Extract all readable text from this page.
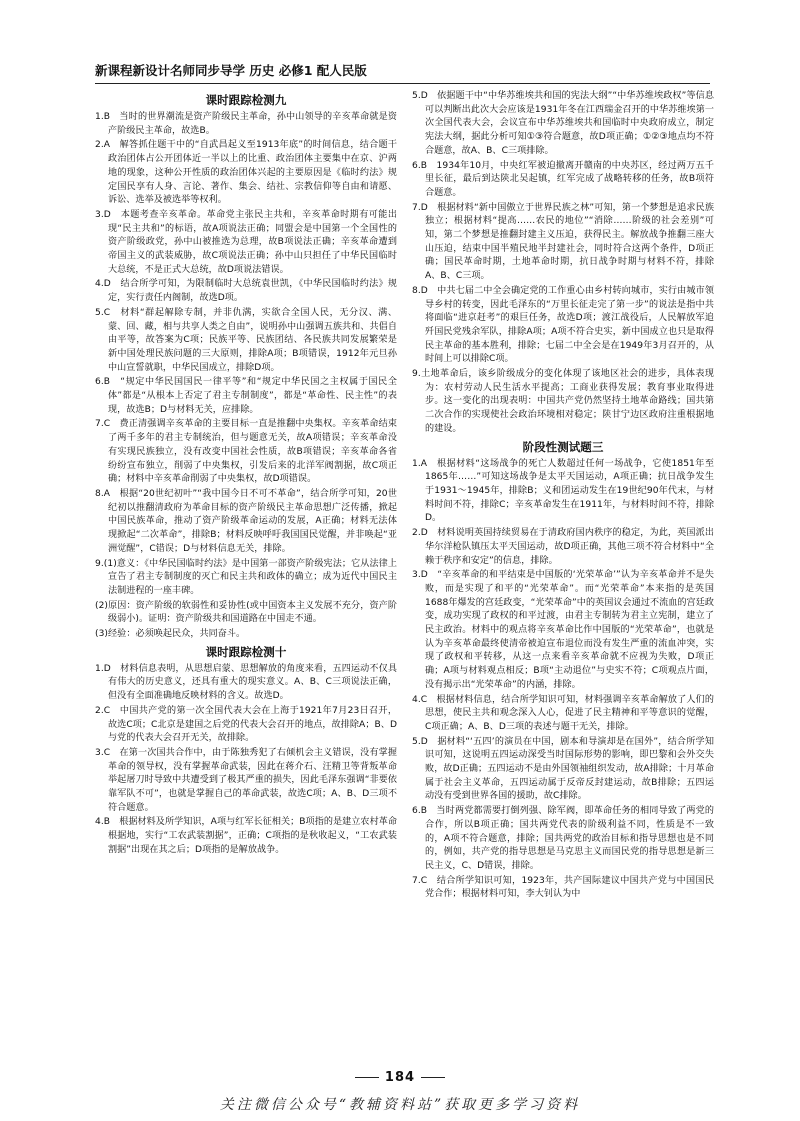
新课程新设计名师同步导学 历史 必修1 配人民版
课时跟踪检测九

1.B　当时的世界潮流是资产阶级民主革命，孙中山领导的辛亥革命就是资产阶级民主革命，故选B。

2.A　解答抓住题干中的“自武昌起义至1913年底”的时间信息，结合题干政治团体占公开团体近一半以上的比重、政治团体主要集中在京、沪两地的现象，这种公开性质的政治团体兴起的主要原因是《临时约法》规定国民享有人身、言论、著作、集会、结社、宗教信仰等自由和请愿、诉讼、选举及被选举等权利。

3.D　本题考查辛亥革命。革命党主张民主共和，辛亥革命时期有可能出现“民主共和”的标语，故A项说法正确；同盟会是中国第一个全国性的资产阶级政党，孙中山被推选为总理，故B项说法正确；辛亥革命遭到帝国主义的武装威胁，故C项说法正确；孙中山只担任了中华民国临时大总统，不是正式大总统，故D项说法错误。

4.D　结合所学可知，为限制临时大总统袁世凯，《中华民国临时约法》规定，实行责任内阁制，故选D项。

5.C　材料“群起解除专制，并非仇满，实欲合全国人民，无分汉、满、蒙、回、藏，相与共享人类之自由”，说明孙中山强调五族共和、共倡自由平等，故答案为C项；民族平等、民族团结、各民族共同发展繁荣是新中国处理民族问题的三大原则，排除A项；B项错误，1912年元旦孙中山宣誓就职，中华民国成立，排除D项。

6.B　“规定中华民国国民一律平等”和“规定中华民国之主权属于国民全体”都是“从根本上否定了君主专制制度”，都是“革命性、民主性”的表现，故选B；D与材料无关，应排除。

7.C　费正清强调辛亥革命的主要目标一直是推翻中央集权。辛亥革命结束了两千多年的君主专制统治，但与题意无关，故A项错误；辛亥革命没有实现民族独立，没有改变中国社会性质，故B项错误；辛亥革命各省纷纷宣布独立，削弱了中央集权，引发后来的北洋军阀割据，故C项正确；材料中辛亥革命削弱了中央集权，故D项错误。

8.A　根据“20世纪初叶”“我中国今日不可不革命”，结合所学可知，20世纪初以推翻清政府为革命目标的资产阶级民主革命思想广泛传播，掀起中国民族革命，推动了资产阶级革命运动的发展，A正确；材料无法体现掀起“二次革命”，排除B；材料反映呼吁我国国民觉醒，并非唤起“亚洲觉醒”，C错误；D与材料信息无关，排除。

9.(1)意义：《中华民国临时约法》是中国第一部资产阶级宪法；它从法律上宣告了君主专制制度的灭亡和民主共和政体的确立；成为近代中国民主法制进程的一座丰碑。

(2)原因：资产阶级的软弱性和妥协性(或中国资本主义发展不充分，资产阶级弱小)。证明：资产阶级共和国道路在中国走不通。

(3)经验：必须唤起民众，共同奋斗。

课时跟踪检测十

1.D　材料信息表明，从思想启蒙、思想解放的角度来看，五四运动不仅具有伟大的历史意义，还具有重大的现实意义。A、B、C三项说法正确，但没有全面准确地反映材料的含义。故选D。

2.C　中国共产党的第一次全国代表大会在上海于1921年7月23日召开，故选C项；C北京是建国之后党的代表大会召开的地点，故排除A；B、D与党的代表大会召开无关，故排除。

3.C　在第一次国共合作中，由于陈独秀犯了右倾机会主义错误，没有掌握革命的领导权，没有掌握革命武装，因此在蒋介石、汪精卫等背叛革命举起屠刀时导致中共遭受到了极其严重的损失，因此毛泽东强调“非要依靠军队不可”，也就是掌握自己的革命武装，故选C项；A、B、D三项不符合题意。

4.B　根据材料及所学知识，A项与红军长征相关；B项指的是建立农村革命根据地，实行“工农武装割据”，正确；C项指的是秋收起义，“工农武装割据”出现在其之后；D项指的是解放战争。

5.D　依据题干中“中华苏维埃共和国的宪法大纲”“中华苏维埃政权”等信息可以判断出此次大会应该是1931年冬在江西瑞金召开的中华苏维埃第一次全国代表大会，会议宣布中华苏维埃共和国临时中央政府成立，制定宪法大纲，据此分析可知①③符合题意，故D项正确；①②③地点均不符合题意，故A、B、C三项排除。

6.B　1934年10月，中央红军被迫撤离开赣南的中央苏区，经过两万五千里长征，最后到达陕北吴起镇，红军完成了战略转移的任务，故B项符合题意。

7.D　根据材料“新中国傲立于世界民族之林”可知，第一个梦想是追求民族独立；根据材料“提高……农民的地位”“消除……阶级的社会差别”可知，第二个梦想是推翻封建主义压迫，获得民主。解放战争推翻三座大山压迫，结束中国半殖民地半封建社会，同时符合这两个条件，D项正确；国民革命时期，土地革命时期，抗日战争时期与材料不符，排除A、B、C三项。

8.D　中共七届二中全会确定党的工作重心由乡村转向城市，实行由城市领导乡村的转变，因此毛泽东的“万里长征走完了第一步”的说法是指中共将面临“进京赶考”的艰巨任务，故选D项；渡江战役后，人民解放军追歼国民党残余军队，排除A项；A项不符合史实，新中国成立也只是取得民主革命的基本胜利，排除；七届二中全会是在1949年3月召开的，从时间上可以排除C项。

9.土地革命后，该乡阶级成分的变化体现了该地区社会的进步，具体表现为：农村劳动人民生活水平提高；工商业获得发展；教育事业取得进步。这一变化的出现表明：中国共产党仍然坚持土地革命路线；国共第二次合作的实现使社会政治环境相对稳定；陕甘宁边区政府注重根据地的建设。

阶段性测试题三

1.A　根据材料“这场战争的死亡人数超过任何一场战争，它使1851年至1865年……”可知这场战争是太平天国运动，A项正确；抗日战争发生于1931～1945年，排除B；义和团运动发生在19世纪90年代末，与材料时间不符，排除C；辛亥革命发生在1911年，与材料时间不符，排除D。

2.D　材料说明英国持续贸易在于清政府国内秩序的稳定，为此，英国派出华尔洋枪队镇压太平天国运动，故D项正确，其他三项不符合材料中“全赖于秩序和安定”的信息，排除。

3.D　“辛亥革命的和平结束是中国版的‘光荣革命’”认为辛亥革命并不是失败，而是实现了和平的“光荣革命”。而“光荣革命”本来指的是英国1688年爆发的宫廷政变，“光荣革命”中的英国议会通过不流血的宫廷政变，成功实现了政权的和平过渡，由君主专制转为君主立宪制，建立了民主政治。材料中的观点将辛亥革命比作中国版的“光荣革命”，也就是认为辛亥革命最终使清帝被迫宣布退位而没有发生严重的流血冲突，实现了政权和平转移，从这一点来看辛亥革命就不应视为失败，D项正确；A项与材料观点相反；B项“主动退位”与史实不符；C项观点片面，没有揭示出“光荣革命”的内涵，排除。

4.C　根据材料信息，结合所学知识可知，材料强调辛亥革命解放了人们的思想，使民主共和观念深入人心，促进了民主精神和平等意识的觉醒，C项正确；A、B、D三项的表述与题干无关，排除。

5.D　据材料“‘五四’的演员在中国，剧本和导演却是在国外”，结合所学知识可知，这说明五四运动深受当时国际形势的影响，即巴黎和会外交失败，故D正确；五四运动不是由外国领袖组织发动，故A排除；十月革命属于社会主义革命，五四运动属于反帝反封建运动，故B排除；五四运动没有受到世界各国的援助，故C排除。

6.B　当时两党都需要打倒列强、除军阀，即革命任务的相同导致了两党的合作，所以B项正确；国共两党代表的阶级利益不同，性质是不一致的，A项不符合题意，排除；国共两党的政治目标和指导思想也是不同的，例如，共产党的指导思想是马克思主义而国民党的指导思想是新三民主义，C、D错误，排除。

7.C　结合所学知识可知，1923年，共产国际建议中国共产党与中国国民党合作；根据材料可知，李大钊认为中

184
关注微信公众号“教辅资料站”获取更多学习资料
